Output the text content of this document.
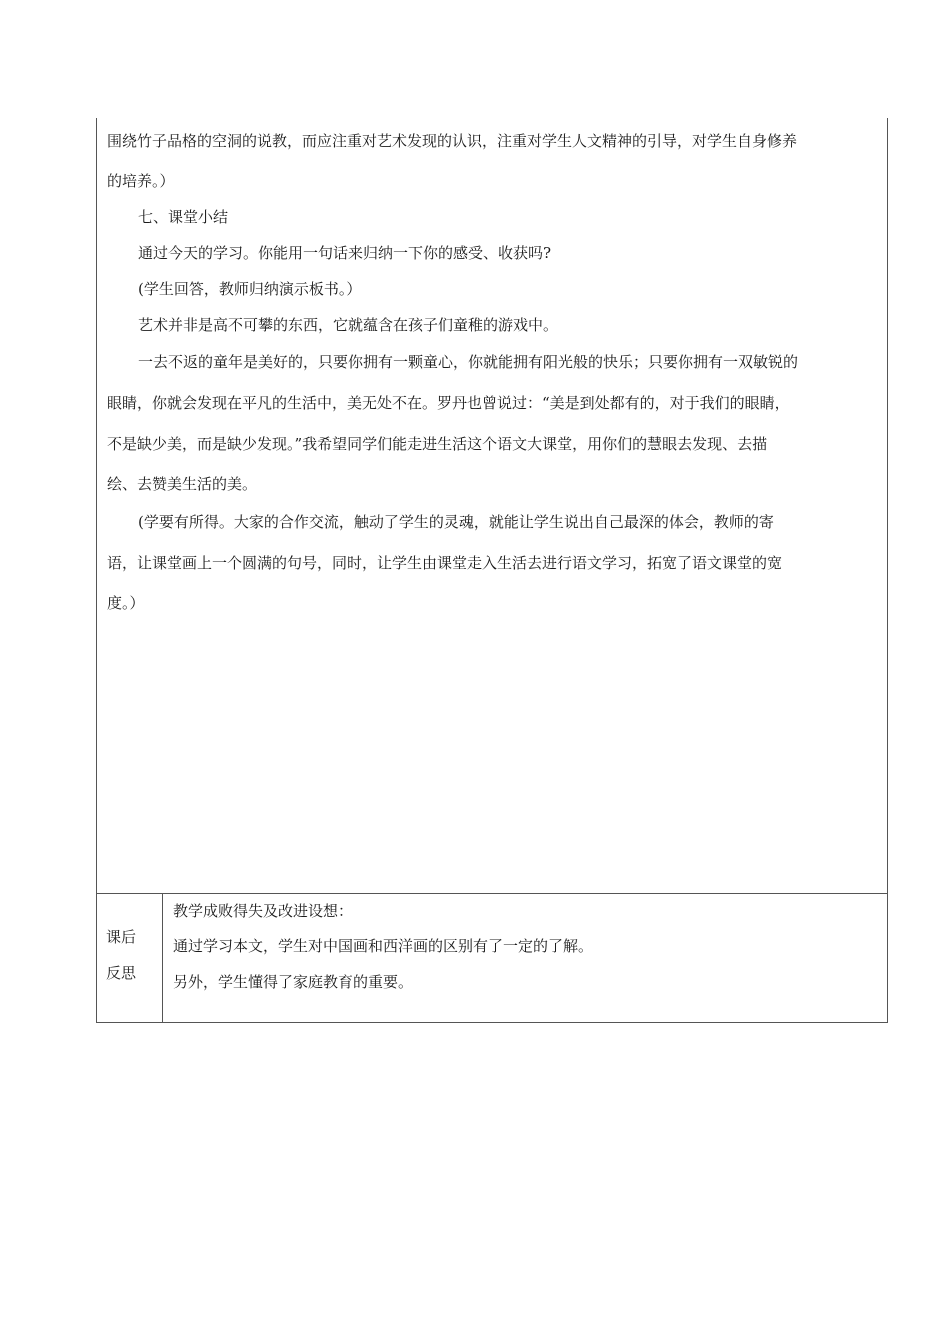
围绕竹子品格的空洞的说教，而应注重对艺术发现的认识，注重对学生人文精神的引导，对学生自身修养
的培养。）
七、课堂小结
通过今天的学习。你能用一句话来归纳一下你的感受、收获吗?
(学生回答，教师归纳演示板书。）
艺术并非是高不可攀的东西，它就蕴含在孩子们童稚的游戏中。
一去不返的童年是美好的，只要你拥有一颗童心，你就能拥有阳光般的快乐；只要你拥有一双敏锐的
眼睛，你就会发现在平凡的生活中，美无处不在。罗丹也曾说过：“美是到处都有的，对于我们的眼睛，
不是缺少美，而是缺少发现。”我希望同学们能走进生活这个语文大课堂，用你们的慧眼去发现、去描
绘、去赞美生活的美。
(学要有所得。大家的合作交流，触动了学生的灵魂，就能让学生说出自己最深的体会，教师的寄
语，让课堂画上一个圆满的句号，同时，让学生由课堂走入生活去进行语文学习，拓宽了语文课堂的宽
度。）
课后
反思
教学成败得失及改进设想：
通过学习本文，学生对中国画和西洋画的区别有了一定的了解。
另外，学生懂得了家庭教育的重要。
